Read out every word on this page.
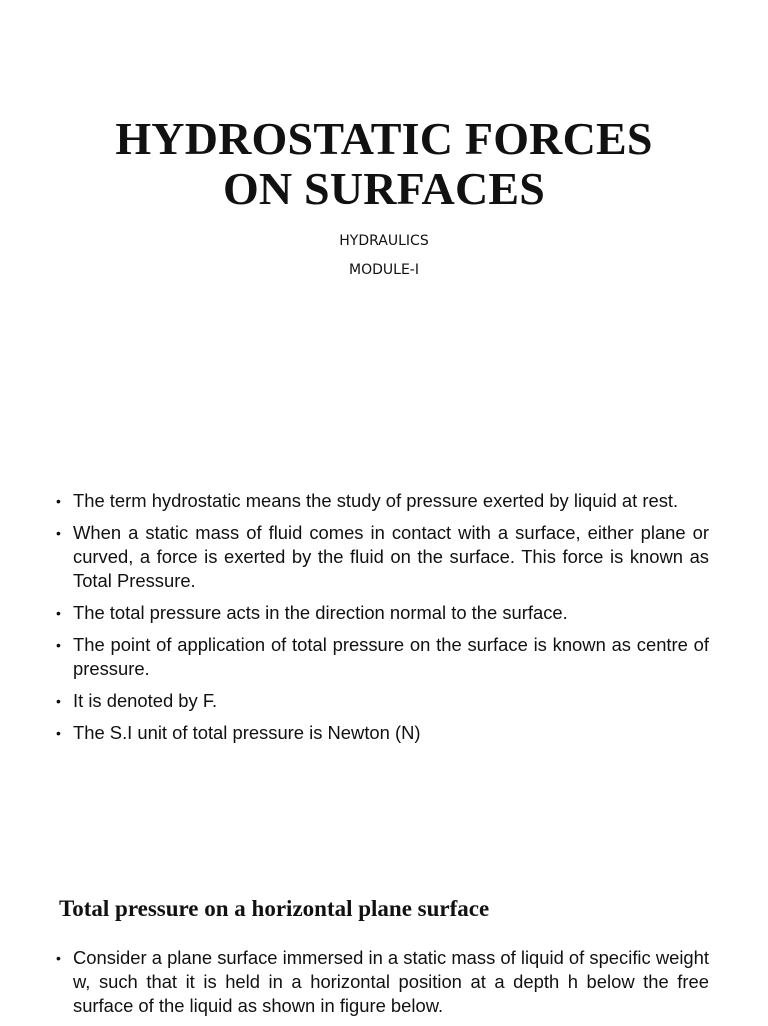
HYDROSTATIC FORCES
ON SURFACES

HYDRAULICS

MODULE-I

• The term hydrostatic means the study of pressure exerted by liquid at rest.
• When a static mass of fluid comes in contact with a surface, either plane or curved, a force is exerted by the fluid on the surface. This force is known as Total Pressure.
• The total pressure acts in the direction normal to the surface.
• The point of application of total pressure on the surface is known as centre of pressure.
• It is denoted by F.
• The S.I unit of total pressure is Newton (N)
Total pressure on a horizontal plane surface
• Consider a plane surface immersed in a static mass of liquid of specific weight w, such that it is held in a horizontal position at a depth h below the free surface of the liquid as shown in figure below.
